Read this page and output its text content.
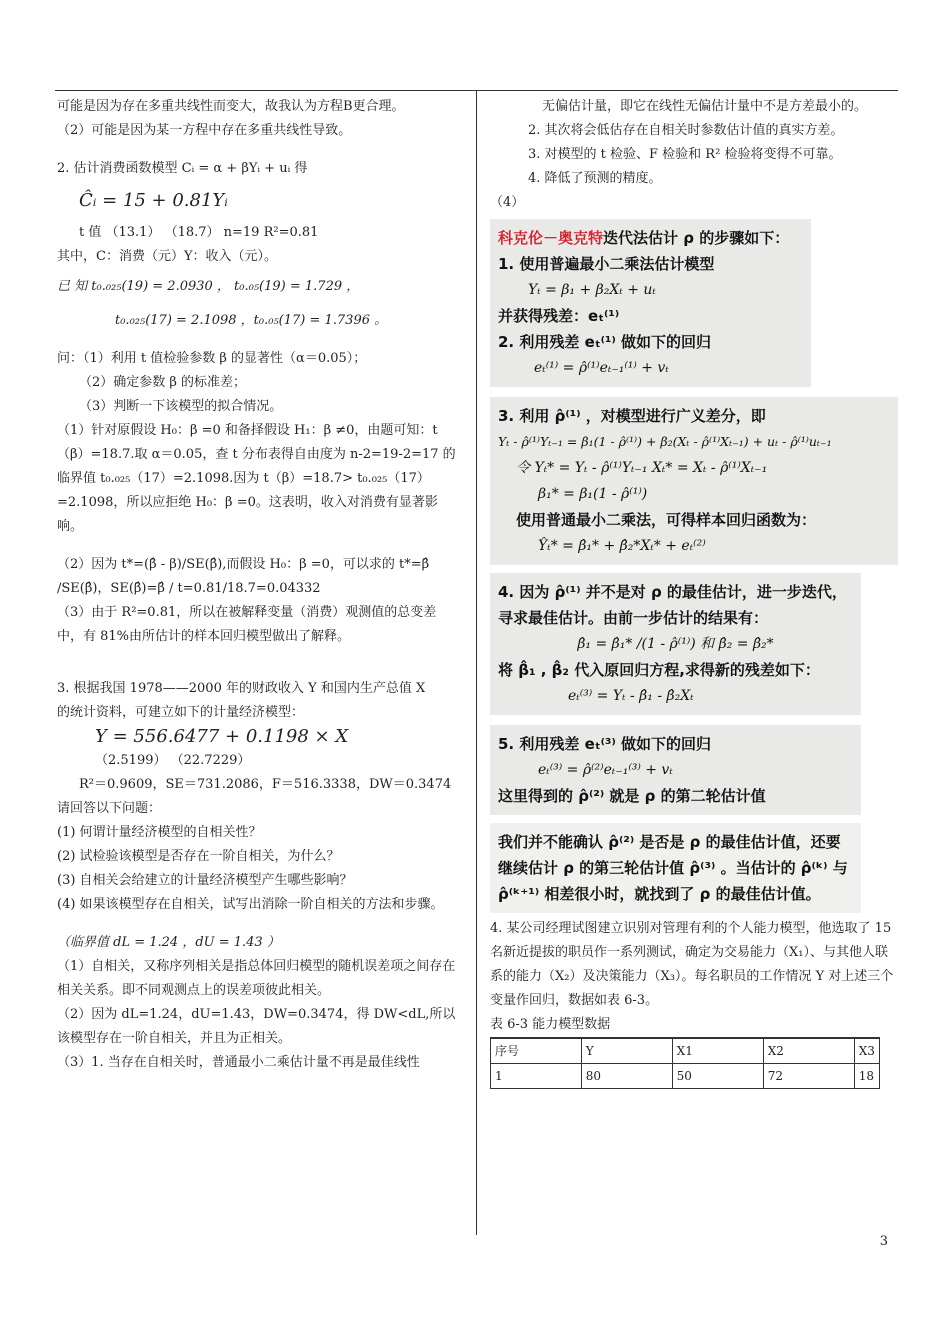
可能是因为存在多重共线性而变大，故我认为方程B更合理。

（2）可能是因为某一方程中存在多重共线性导致。

2. 估计消费函数模型 Cᵢ = α + βYᵢ + uᵢ 得

Ĉᵢ = 15 + 0.81Yᵢ

t 值 （13.1） （18.7） n=19 R²=0.81

其中，C：消费（元）Y：收入（元）。

已 知 t₀.₀₂₅(19) = 2.0930 ， t₀.₀₅(19) = 1.729 ，

t₀.₀₂₅(17) = 2.1098 ，t₀.₀₅(17) = 1.7396 。

问：（1）利用 t 值检验参数 β 的显著性（α＝0.05）；

（2）确定参数 β 的标准差；

（3）判断一下该模型的拟合情况。

（1）针对原假设 H₀：β =0 和备择假设 H₁：β ≠0，由题可知：t（β）=18.7.取 α＝0.05，查 t 分布表得自由度为 n-2=19-2=17 的临界值 t₀.₀₂₅（17）=2.1098.因为 t（β）=18.7> t₀.₀₂₅（17）=2.1098，所以应拒绝 H₀：β =0。这表明，收入对消费有显著影响。

（2）因为 t*=(β̂ - β)/SE(β̂),而假设 H₀：β =0，可以求的 t*=β̂ /SE(β̂)，SE(β̂)=β̂ / t=0.81/18.7=0.04332

（3）由于 R²=0.81，所以在被解释变量（消费）观测值的总变差中，有 81%由所估计的样本回归模型做出了解释。

3. 根据我国 1978——2000 年的财政收入 Y 和国内生产总值 X

的统计资料，可建立如下的计量经济模型：

Y = 556.6477 + 0.1198 × X

（2.5199） （22.7229）

R²＝0.9609，SE＝731.2086，F＝516.3338，DW＝0.3474

请回答以下问题：

(1) 何谓计量经济模型的自相关性？

(2) 试检验该模型是否存在一阶自相关，为什么？

(3) 自相关会给建立的计量经济模型产生哪些影响？

(4) 如果该模型存在自相关，试写出消除一阶自相关的方法和步骤。

（临界值 dL = 1.24 ，dU = 1.43 ）

（1）自相关，又称序列相关是指总体回归模型的随机误差项之间存在相关关系。即不同观测点上的误差项彼此相关。

（2）因为 dL=1.24，dU=1.43，DW=0.3474，得 DW<dL,所以该模型存在一阶自相关，并且为正相关。

（3）1. 当存在自相关时，普通最小二乘估计量不再是最佳线性

无偏估计量，即它在线性无偏估计量中不是方差最小的。

2. 其次将会低估存在自相关时参数估计值的真实方差。

3. 对模型的 t 检验、F 检验和 R² 检验将变得不可靠。

4. 降低了预测的精度。

（4）

科克伦－奥克特迭代法估计 ρ 的步骤如下：

1. 使用普遍最小二乘法估计模型

Yₜ = β₁ + β₂Xₜ + uₜ

并获得残差：eₜ⁽¹⁾

2. 利用残差 eₜ⁽¹⁾ 做如下的回归

eₜ⁽¹⁾ = ρ̂⁽¹⁾eₜ₋₁⁽¹⁾ + vₜ

3. 利用 ρ̂⁽¹⁾ ，对模型进行广义差分，即

Yₜ - ρ̂⁽¹⁾Yₜ₋₁ = β₁(1 - ρ̂⁽¹⁾) + β₂(Xₜ - ρ̂⁽¹⁾Xₜ₋₁) + uₜ - ρ̂⁽¹⁾uₜ₋₁

令 Yₜ* = Yₜ - ρ̂⁽¹⁾Yₜ₋₁ Xₜ* = Xₜ - ρ̂⁽¹⁾Xₜ₋₁

β₁* = β₁(1 - ρ̂⁽¹⁾)

使用普通最小二乘法，可得样本回归函数为：

Ŷₜ* = β̂₁* + β̂₂*Xₜ* + eₜ⁽²⁾

4. 因为 ρ̂⁽¹⁾ 并不是对 ρ 的最佳估计，进一步迭代，寻求最佳估计。由前一步估计的结果有：

β̂₁ = β̂₁* /(1 - ρ̂⁽¹⁾) 和 β̂₂ = β̂₂*

将 β̂₁ , β̂₂ 代入原回归方程,求得新的残差如下：

eₜ⁽³⁾ = Yₜ - β̂₁ - β̂₂Xₜ

5. 利用残差 eₜ⁽³⁾ 做如下的回归

eₜ⁽³⁾ = ρ̂⁽²⁾eₜ₋₁⁽³⁾ + vₜ

这里得到的 ρ̂⁽²⁾ 就是 ρ 的第二轮估计值

我们并不能确认 ρ̂⁽²⁾ 是否是 ρ 的最佳估计值，还要继续估计 ρ 的第三轮估计值 ρ̂⁽³⁾ 。当估计的 ρ̂⁽ᵏ⁾ 与 ρ̂⁽ᵏ⁺¹⁾ 相差很小时，就找到了 ρ 的最佳估计值。

4. 某公司经理试图建立识别对管理有利的个人能力模型，他选取了 15 名新近提拔的职员作一系列测试，确定为交易能力（X₁）、与其他人联系的能力（X₂）及决策能力（X₃）。每名职员的工作情况 Y 对上述三个变量作回归，数据如表 6-3。

表 6-3 能力模型数据

序号	Y	X1	X2	X3
1	80	50	72	18
3
